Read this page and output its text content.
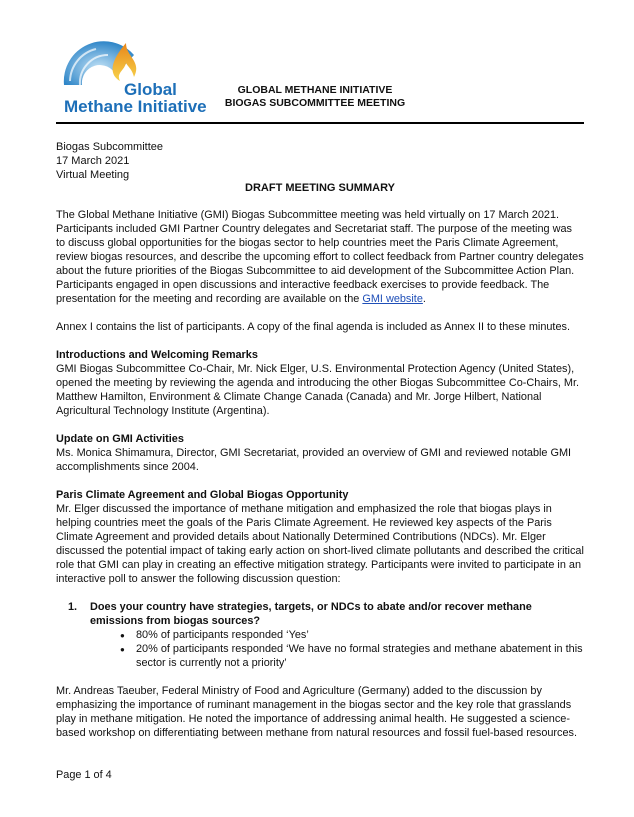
Global
Methane Initiative
GLOBAL METHANE INITIATIVE
BIOGAS SUBCOMMITTEE MEETING
Biogas Subcommittee
17 March 2021
Virtual Meeting
DRAFT MEETING SUMMARY

The Global Methane Initiative (GMI) Biogas Subcommittee meeting was held virtually on 17 March 2021. Participants included GMI Partner Country delegates and Secretariat staff. The purpose of the meeting was to discuss global opportunities for the biogas sector to help countries meet the Paris Climate Agreement, review biogas resources, and describe the upcoming effort to collect feedback from Partner country delegates about the future priorities of the Biogas Subcommittee to aid development of the Subcommittee Action Plan. Participants engaged in open discussions and interactive feedback exercises to provide feedback. The presentation for the meeting and recording are available on the GMI website.

Annex I contains the list of participants. A copy of the final agenda is included as Annex II to these minutes.

Introductions and Welcoming Remarks

GMI Biogas Subcommittee Co-Chair, Mr. Nick Elger, U.S. Environmental Protection Agency (United States), opened the meeting by reviewing the agenda and introducing the other Biogas Subcommittee Co-Chairs, Mr. Matthew Hamilton, Environment & Climate Change Canada (Canada) and Mr. Jorge Hilbert, National Agricultural Technology Institute (Argentina).

Update on GMI Activities

Ms. Monica Shimamura, Director, GMI Secretariat, provided an overview of GMI and reviewed notable GMI accomplishments since 2004.

Paris Climate Agreement and Global Biogas Opportunity

Mr. Elger discussed the importance of methane mitigation and emphasized the role that biogas plays in helping countries meet the goals of the Paris Climate Agreement. He reviewed key aspects of the Paris Climate Agreement and provided details about Nationally Determined Contributions (NDCs). Mr. Elger discussed the potential impact of taking early action on short-lived climate pollutants and described the critical role that GMI can play in creating an effective mitigation strategy. Participants were invited to participate in an interactive poll to answer the following discussion question:

1.	Does your country have strategies, targets, or NDCs to abate and/or recover methane emissions from biogas sources?
● 80% of participants responded ‘Yes’
● 20% of participants responded ‘We have no formal strategies and methane abatement in this sector is currently not a priority’

Mr. Andreas Taeuber, Federal Ministry of Food and Agriculture (Germany) added to the discussion by emphasizing the importance of ruminant management in the biogas sector and the key role that grasslands play in methane mitigation. He noted the importance of addressing animal health. He suggested a science-based workshop on differentiating between methane from natural resources and fossil fuel-based resources.

Page 1 of 4
